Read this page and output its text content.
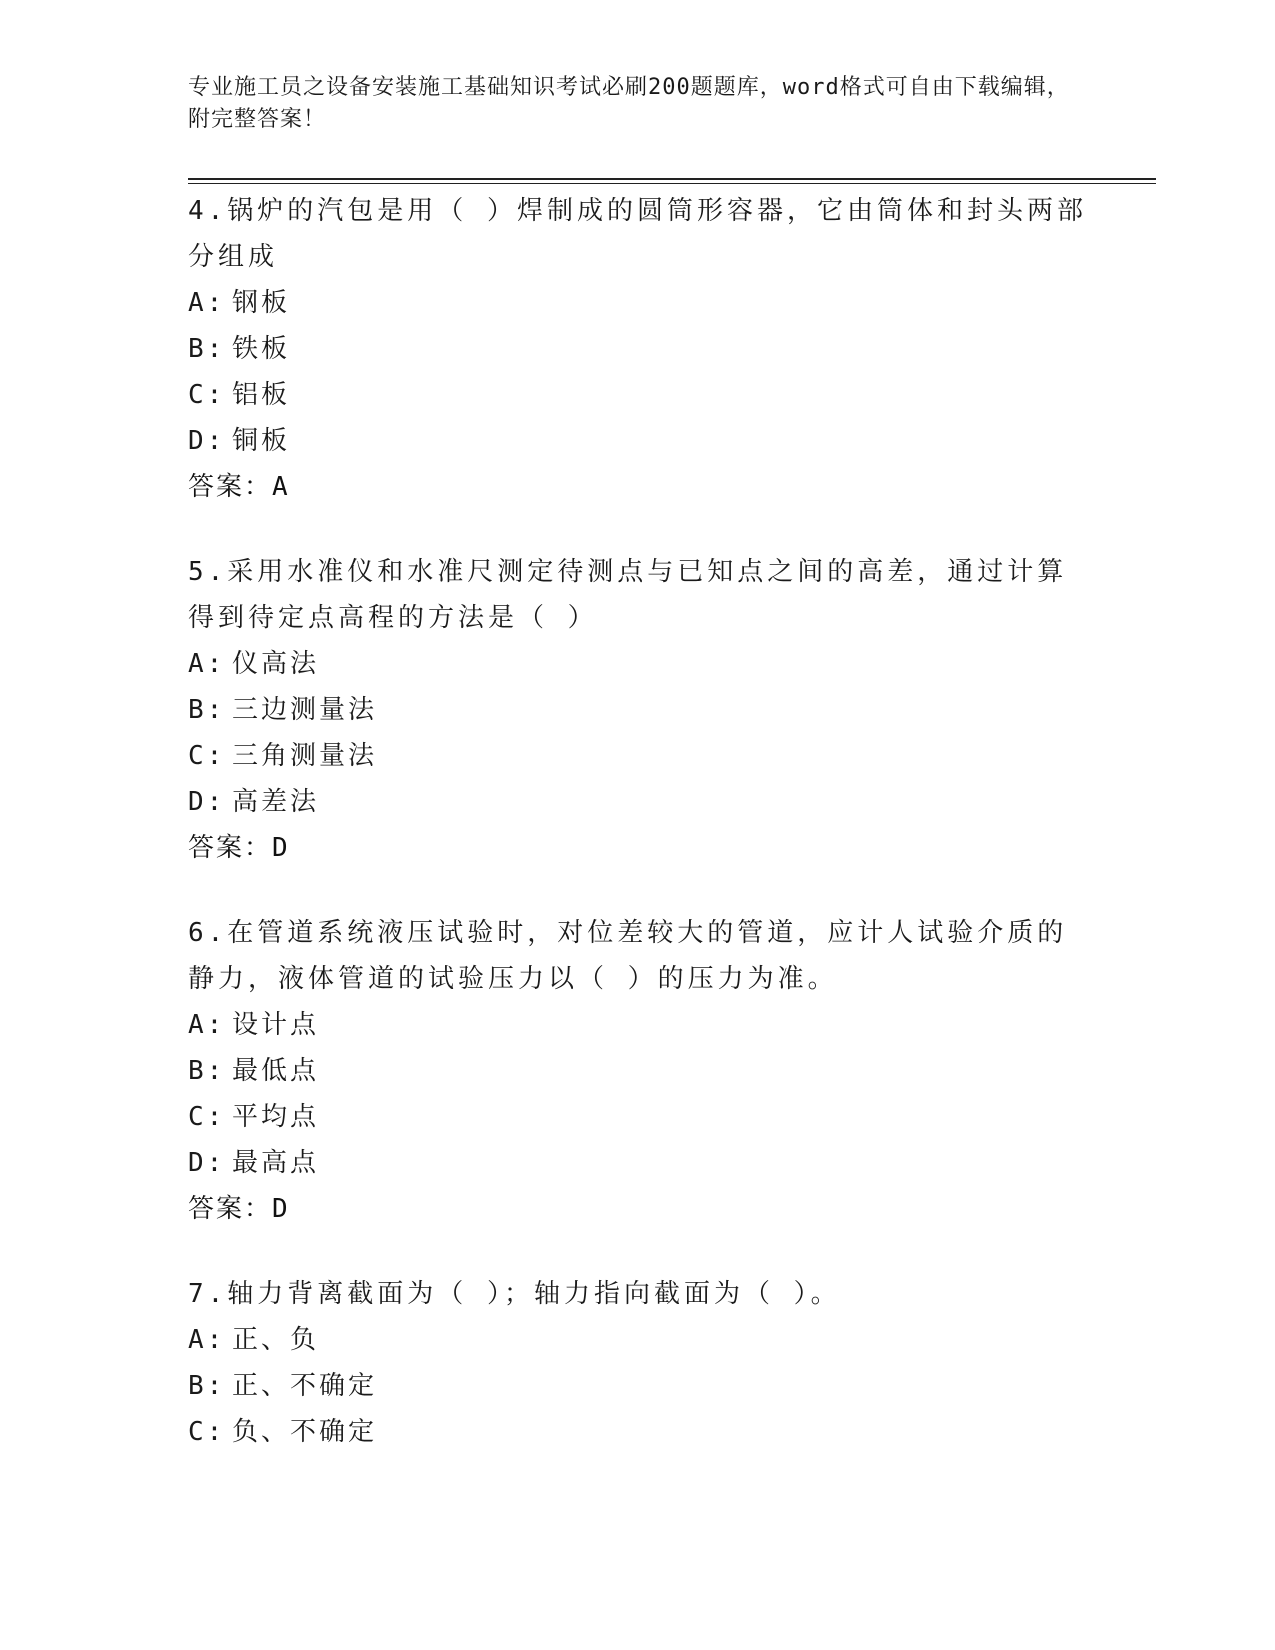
专业施工员之设备安装施工基础知识考试必刷200题题库，word格式可自由下载编辑，附完整答案！

4.锅炉的汽包是用（ ）焊制成的圆筒形容器，它由筒体和封头两部分组成

A: 钢板

B: 铁板

C: 铝板

D: 铜板

答案：A

5.采用水准仪和水准尺测定待测点与已知点之间的高差，通过计算得到待定点高程的方法是（ ）

A: 仪高法

B: 三边测量法

C: 三角测量法

D: 高差法

答案：D

6.在管道系统液压试验时，对位差较大的管道，应计人试验介质的静力，液体管道的试验压力以（ ）的压力为准。

A: 设计点

B: 最低点

C: 平均点

D: 最高点

答案：D

7.轴力背离截面为（ ）；轴力指向截面为（ ）。

A: 正、负

B: 正、不确定

C: 负、不确定
